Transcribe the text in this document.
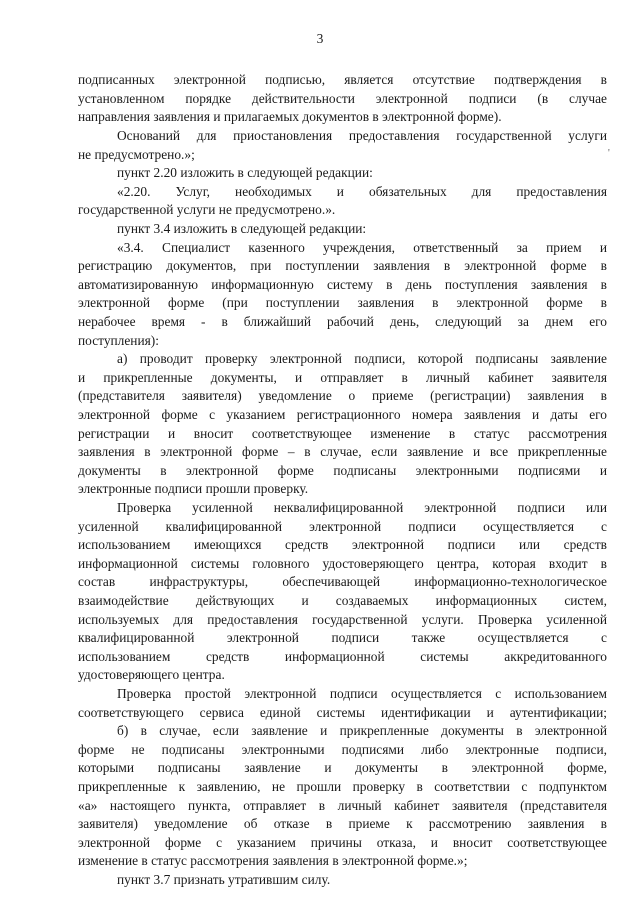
3
'
подписанных электронной подписью, является отсутствие подтверждения в
установленном порядке действительности электронной подписи (в случае
направления заявления и прилагаемых документов в электронной форме).
Оснований для приостановления предоставления государственной услуги
не предусмотрено.»;
пункт 2.20 изложить в следующей редакции:
«2.20. Услуг, необходимых и обязательных для предоставления
государственной услуги не предусмотрено.».
пункт 3.4 изложить в следующей редакции:
«3.4. Специалист казенного учреждения, ответственный за прием и
регистрацию документов, при поступлении заявления в электронной форме в
автоматизированную информационную систему в день поступления заявления в
электронной форме (при поступлении заявления в электронной форме в
нерабочее время - в ближайший рабочий день, следующий за днем его
поступления):
а) проводит проверку электронной подписи, которой подписаны заявление
и прикрепленные документы, и отправляет в личный кабинет заявителя
(представителя заявителя) уведомление о приеме (регистрации) заявления в
электронной форме с указанием регистрационного номера заявления и даты его
регистрации и вносит соответствующее изменение в статус рассмотрения
заявления в электронной форме – в случае, если заявление и все прикрепленные
документы в электронной форме подписаны электронными подписями и
электронные подписи прошли проверку.
Проверка усиленной неквалифицированной электронной подписи или
усиленной квалифицированной электронной подписи осуществляется с
использованием имеющихся средств электронной подписи или средств
информационной системы головного удостоверяющего центра, которая входит в
состав инфраструктуры, обеспечивающей информационно-технологическое
взаимодействие действующих и создаваемых информационных систем,
используемых для предоставления государственной услуги. Проверка усиленной
квалифицированной электронной подписи также осуществляется с
использованием средств информационной системы аккредитованного
удостоверяющего центра.
Проверка простой электронной подписи осуществляется с использованием
соответствующего сервиса единой системы идентификации и аутентификации;
б) в случае, если заявление и прикрепленные документы в электронной
форме не подписаны электронными подписями либо электронные подписи,
которыми подписаны заявление и документы в электронной форме,
прикрепленные к заявлению, не прошли проверку в соответствии с подпунктом
«а» настоящего пункта, отправляет в личный кабинет заявителя (представителя
заявителя) уведомление об отказе в приеме к рассмотрению заявления в
электронной форме с указанием причины отказа, и вносит соответствующее
изменение в статус рассмотрения заявления в электронной форме.»;
пункт 3.7 признать утратившим силу.
